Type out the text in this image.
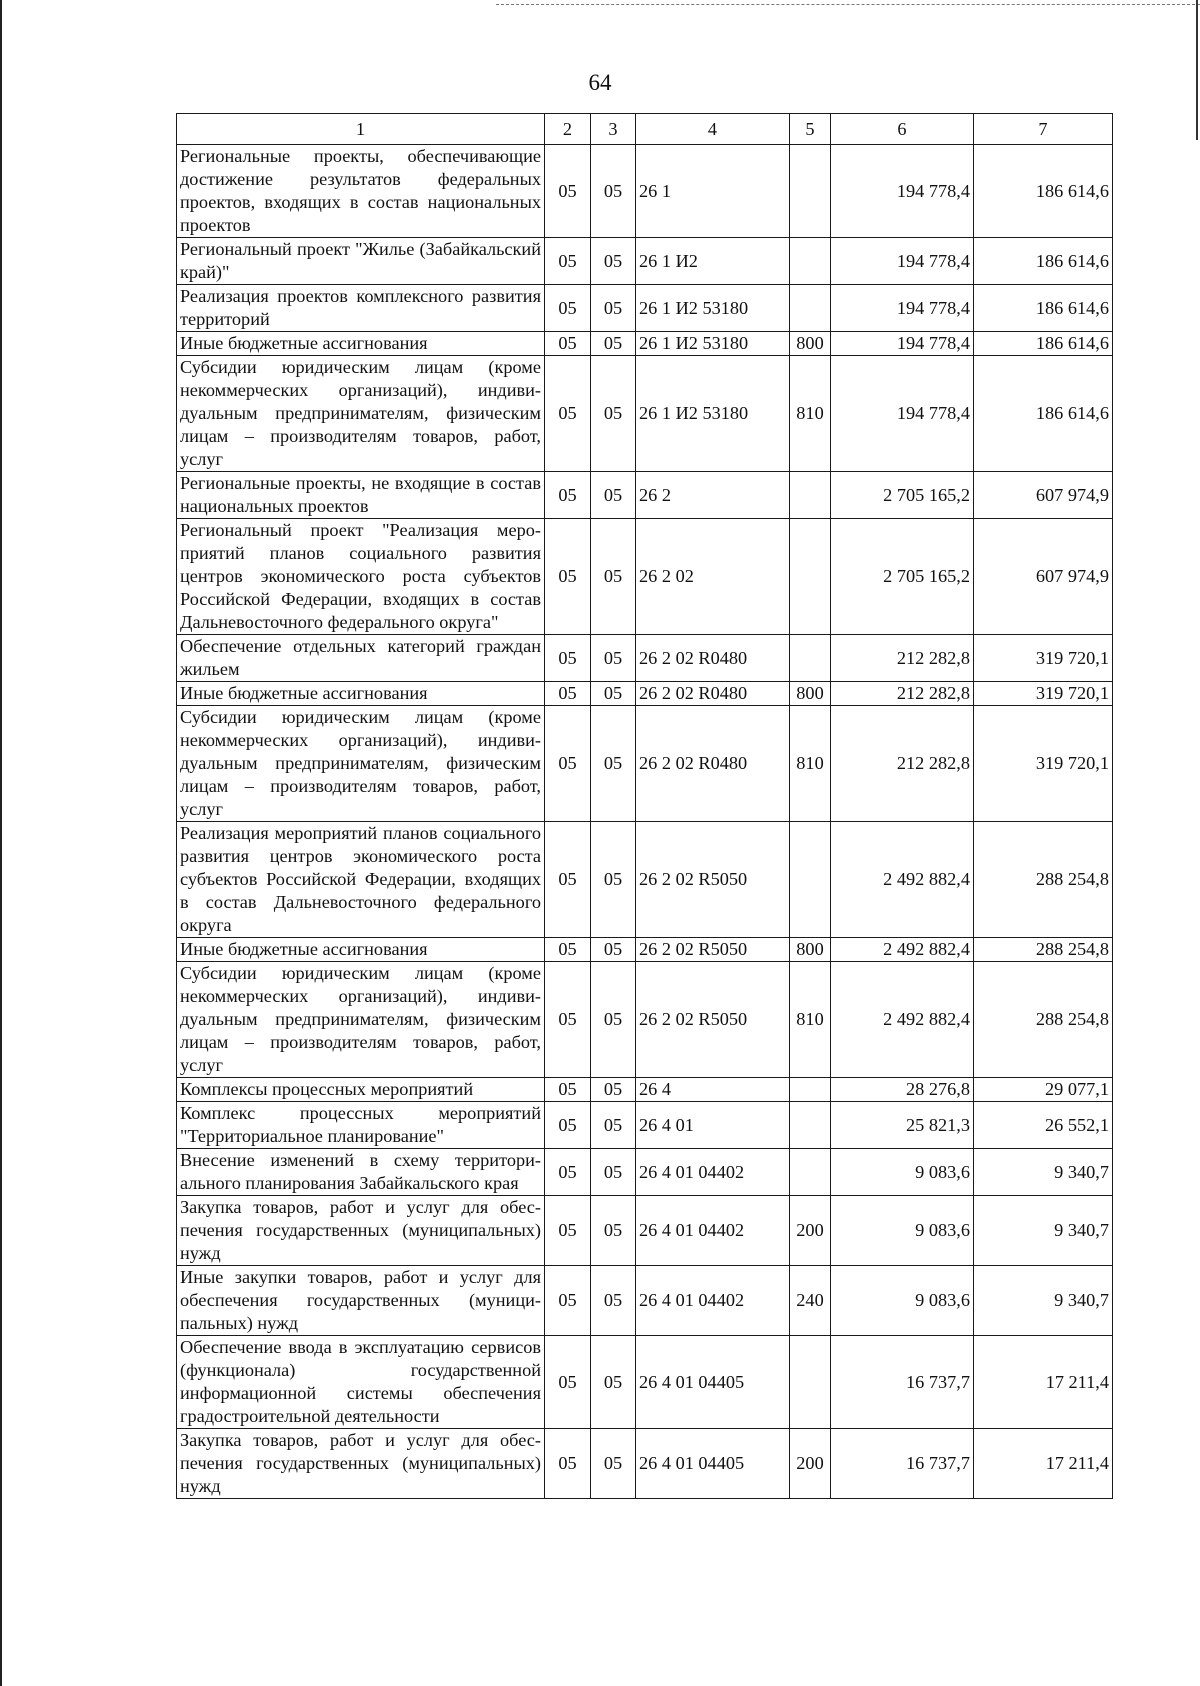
64
1	2	3	4	5	6	7
Региональные проекты, обеспечивающие достижение результатов федеральных проектов, входящих в состав национальных проектов	05	05	26 1		194 778,4	186 614,6
Региональный проект "Жилье (Забайкальский край)"	05	05	26 1 И2		194 778,4	186 614,6
Реализация проектов комплексного развития территорий	05	05	26 1 И2 53180		194 778,4	186 614,6
Иные бюджетные ассигнования	05	05	26 1 И2 53180	800	194 778,4	186 614,6
Субсидии юридическим лицам (кроме некоммерческих организаций), индивидуальным предпринимателям, физическим лицам – производителям товаров, работ, услуг	05	05	26 1 И2 53180	810	194 778,4	186 614,6
Региональные проекты, не входящие в состав национальных проектов	05	05	26 2		2 705 165,2	607 974,9
Региональный проект "Реализация мероприятий планов социального развития центров экономического роста субъектов Российской Федерации, входящих в состав Дальневосточного федерального округа"	05	05	26 2 02		2 705 165,2	607 974,9
Обеспечение отдельных категорий граждан жильем	05	05	26 2 02 R0480		212 282,8	319 720,1
Иные бюджетные ассигнования	05	05	26 2 02 R0480	800	212 282,8	319 720,1
Субсидии юридическим лицам (кроме некоммерческих организаций), индивидуальным предпринимателям, физическим лицам – производителям товаров, работ, услуг	05	05	26 2 02 R0480	810	212 282,8	319 720,1
Реализация мероприятий планов социального развития центров экономического роста субъектов Российской Федерации, входящих в состав Дальневосточного федерального округа	05	05	26 2 02 R5050		2 492 882,4	288 254,8
Иные бюджетные ассигнования	05	05	26 2 02 R5050	800	2 492 882,4	288 254,8
Субсидии юридическим лицам (кроме некоммерческих организаций), индивидуальным предпринимателям, физическим лицам – производителям товаров, работ, услуг	05	05	26 2 02 R5050	810	2 492 882,4	288 254,8
Комплексы процессных мероприятий	05	05	26 4		28 276,8	29 077,1
Комплекс процессных мероприятий "Территориальное планирование"	05	05	26 4 01		25 821,3	26 552,1
Внесение изменений в схему территориального планирования Забайкальского края	05	05	26 4 01 04402		9 083,6	9 340,7
Закупка товаров, работ и услуг для обеспечения государственных (муниципальных) нужд	05	05	26 4 01 04402	200	9 083,6	9 340,7
Иные закупки товаров, работ и услуг для обеспечения государственных (муниципальных) нужд	05	05	26 4 01 04402	240	9 083,6	9 340,7
Обеспечение ввода в эксплуатацию сервисов (функционала) государственной информационной системы обеспечения градостроительной деятельности	05	05	26 4 01 04405		16 737,7	17 211,4
Закупка товаров, работ и услуг для обеспечения государственных (муниципальных) нужд	05	05	26 4 01 04405	200	16 737,7	17 211,4
